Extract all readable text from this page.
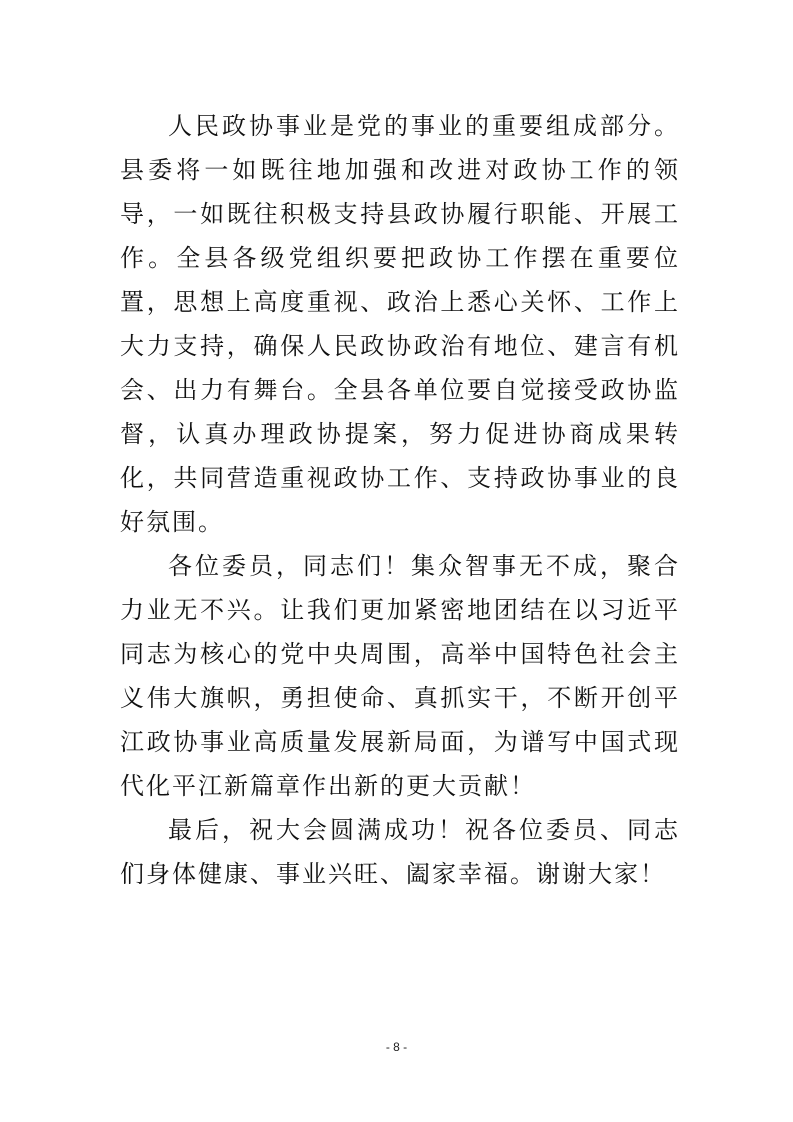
人民政协事业是党的事业的重要组成部分。县委将一如既往地加强和改进对政协工作的领导，一如既往积极支持县政协履行职能、开展工作。全县各级党组织要把政协工作摆在重要位置，思想上高度重视、政治上悉心关怀、工作上大力支持，确保人民政协政治有地位、建言有机会、出力有舞台。全县各单位要自觉接受政协监督，认真办理政协提案，努力促进协商成果转化，共同营造重视政协工作、支持政协事业的良好氛围。

各位委员，同志们！集众智事无不成，聚合力业无不兴。让我们更加紧密地团结在以习近平同志为核心的党中央周围，高举中国特色社会主义伟大旗帜，勇担使命、真抓实干，不断开创平江政协事业高质量发展新局面，为谱写中国式现代化平江新篇章作出新的更大贡献！

最后，祝大会圆满成功！祝各位委员、同志们身体健康、事业兴旺、阖家幸福。谢谢大家！

- 8 -
